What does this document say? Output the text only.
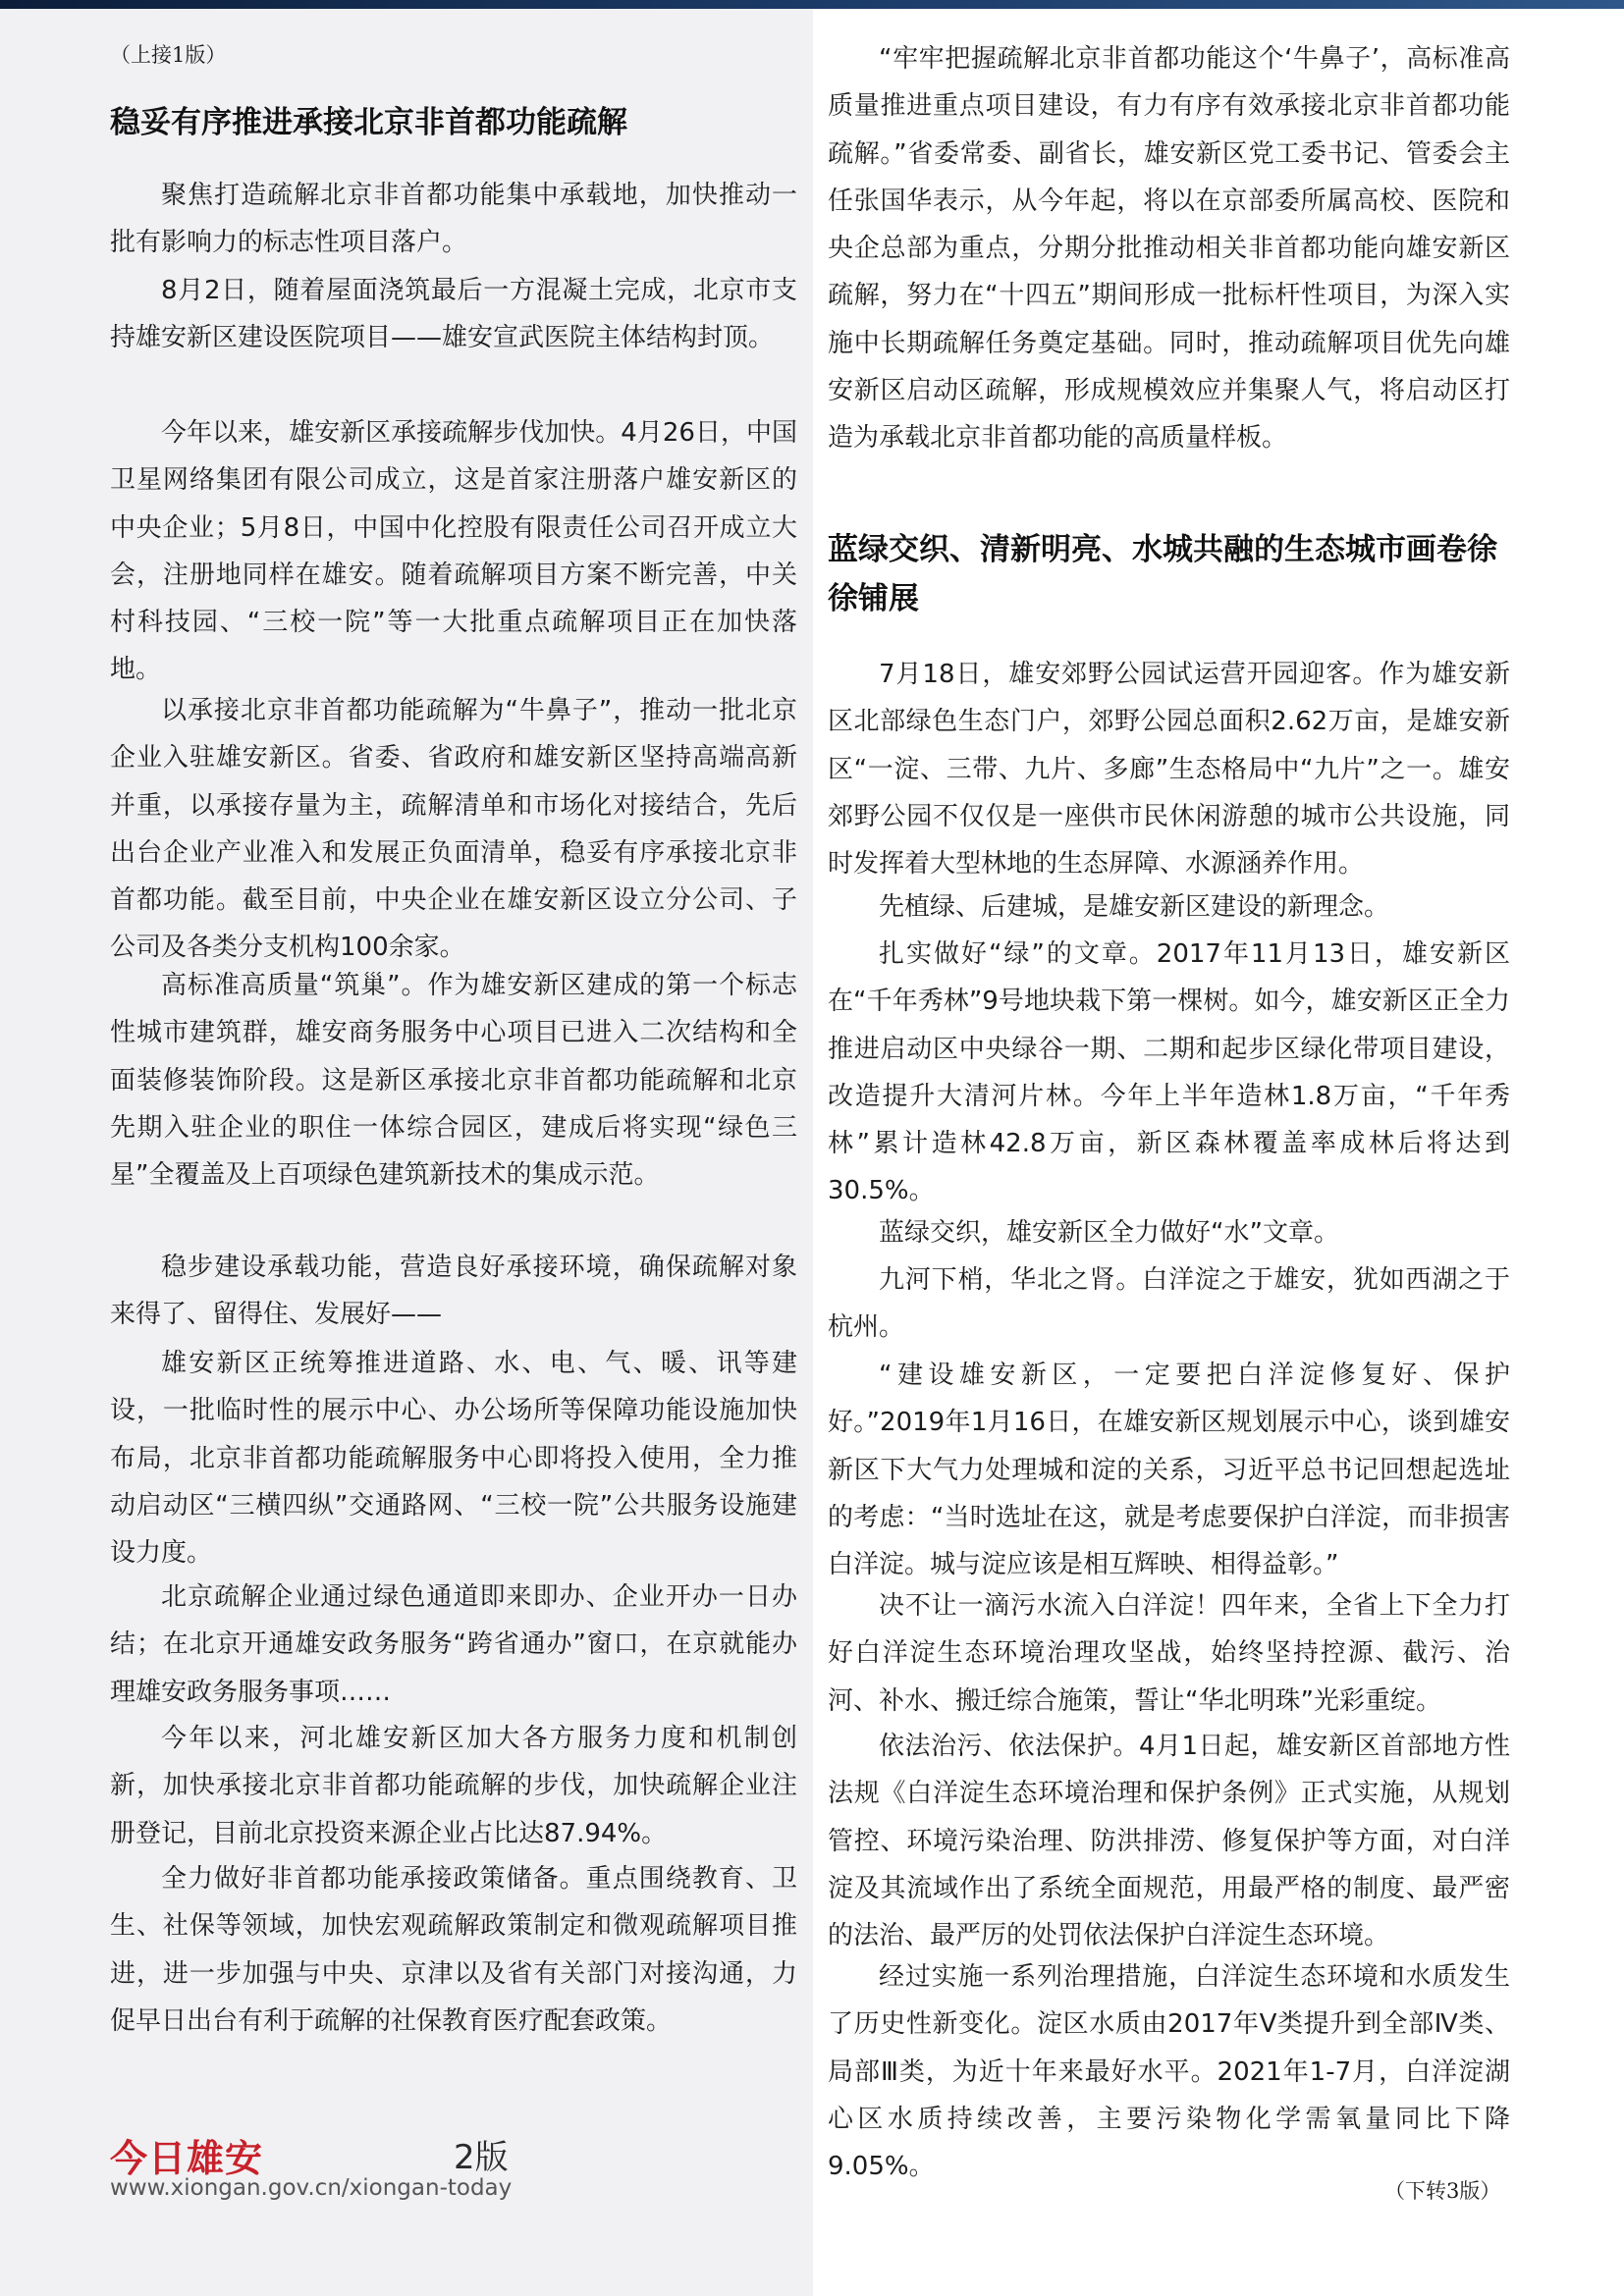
（上接1版）
稳妥有序推进承接北京非首都功能疏解

聚焦打造疏解北京非首都功能集中承载地，加快推动一批有影响力的标志性项目落户。

8月2日，随着屋面浇筑最后一方混凝土完成，北京市支持雄安新区建设医院项目——雄安宣武医院主体结构封顶。

今年以来，雄安新区承接疏解步伐加快。4月26日，中国卫星网络集团有限公司成立，这是首家注册落户雄安新区的中央企业；5月8日，中国中化控股有限责任公司召开成立大会，注册地同样在雄安。随着疏解项目方案不断完善，中关村科技园、“三校一院”等一大批重点疏解项目正在加快落地。

以承接北京非首都功能疏解为“牛鼻子”，推动一批北京企业入驻雄安新区。省委、省政府和雄安新区坚持高端高新并重，以承接存量为主，疏解清单和市场化对接结合，先后出台企业产业准入和发展正负面清单，稳妥有序承接北京非首都功能。截至目前，中央企业在雄安新区设立分公司、子公司及各类分支机构100余家。

高标准高质量“筑巢”。作为雄安新区建成的第一个标志性城市建筑群，雄安商务服务中心项目已进入二次结构和全面装修装饰阶段。这是新区承接北京非首都功能疏解和北京先期入驻企业的职住一体综合园区，建成后将实现“绿色三星”全覆盖及上百项绿色建筑新技术的集成示范。

稳步建设承载功能，营造良好承接环境，确保疏解对象来得了、留得住、发展好——

雄安新区正统筹推进道路、水、电、气、暖、讯等建设，一批临时性的展示中心、办公场所等保障功能设施加快布局，北京非首都功能疏解服务中心即将投入使用，全力推动启动区“三横四纵”交通路网、“三校一院”公共服务设施建设力度。

北京疏解企业通过绿色通道即来即办、企业开办一日办结；在北京开通雄安政务服务“跨省通办”窗口，在京就能办理雄安政务服务事项……

今年以来，河北雄安新区加大各方服务力度和机制创新，加快承接北京非首都功能疏解的步伐，加快疏解企业注册登记，目前北京投资来源企业占比达87.94%。

全力做好非首都功能承接政策储备。重点围绕教育、卫生、社保等领域，加快宏观疏解政策制定和微观疏解项目推进，进一步加强与中央、京津以及省有关部门对接沟通，力促早日出台有利于疏解的社保教育医疗配套政策。

“牢牢把握疏解北京非首都功能这个‘牛鼻子’，高标准高质量推进重点项目建设，有力有序有效承接北京非首都功能疏解。”省委常委、副省长，雄安新区党工委书记、管委会主任张国华表示，从今年起，将以在京部委所属高校、医院和央企总部为重点，分期分批推动相关非首都功能向雄安新区疏解，努力在“十四五”期间形成一批标杆性项目，为深入实施中长期疏解任务奠定基础。同时，推动疏解项目优先向雄安新区启动区疏解，形成规模效应并集聚人气，将启动区打造为承载北京非首都功能的高质量样板。

蓝绿交织、清新明亮、水城共融的生态城市画卷徐徐铺展

7月18日，雄安郊野公园试运营开园迎客。作为雄安新区北部绿色生态门户，郊野公园总面积2.62万亩，是雄安新区“一淀、三带、九片、多廊”生态格局中“九片”之一。雄安郊野公园不仅仅是一座供市民休闲游憩的城市公共设施，同时发挥着大型林地的生态屏障、水源涵养作用。

先植绿、后建城，是雄安新区建设的新理念。

扎实做好“绿”的文章。2017年11月13日，雄安新区在“千年秀林”9号地块栽下第一棵树。如今，雄安新区正全力推进启动区中央绿谷一期、二期和起步区绿化带项目建设，改造提升大清河片林。今年上半年造林1.8万亩，“千年秀林”累计造林42.8万亩，新区森林覆盖率成林后将达到30.5%。

蓝绿交织，雄安新区全力做好“水”文章。

九河下梢，华北之肾。白洋淀之于雄安，犹如西湖之于杭州。

“建设雄安新区，一定要把白洋淀修复好、保护好。”2019年1月16日，在雄安新区规划展示中心，谈到雄安新区下大气力处理城和淀的关系，习近平总书记回想起选址的考虑：“当时选址在这，就是考虑要保护白洋淀，而非损害白洋淀。城与淀应该是相互辉映、相得益彰。”

决不让一滴污水流入白洋淀！四年来，全省上下全力打好白洋淀生态环境治理攻坚战，始终坚持控源、截污、治河、补水、搬迁综合施策，誓让“华北明珠”光彩重绽。

依法治污、依法保护。4月1日起，雄安新区首部地方性法规《白洋淀生态环境治理和保护条例》正式实施，从规划管控、环境污染治理、防洪排涝、修复保护等方面，对白洋淀及其流域作出了系统全面规范，用最严格的制度、最严密的法治、最严厉的处罚依法保护白洋淀生态环境。

经过实施一系列治理措施，白洋淀生态环境和水质发生了历史性新变化。淀区水质由2017年Ⅴ类提升到全部Ⅳ类、局部Ⅲ类，为近十年来最好水平。2021年1-7月，白洋淀湖心区水质持续改善，主要污染物化学需氧量同比下降9.05%。

今日雄安	2版
www.xiongan.gov.cn/xiongan-today	（下转3版）
